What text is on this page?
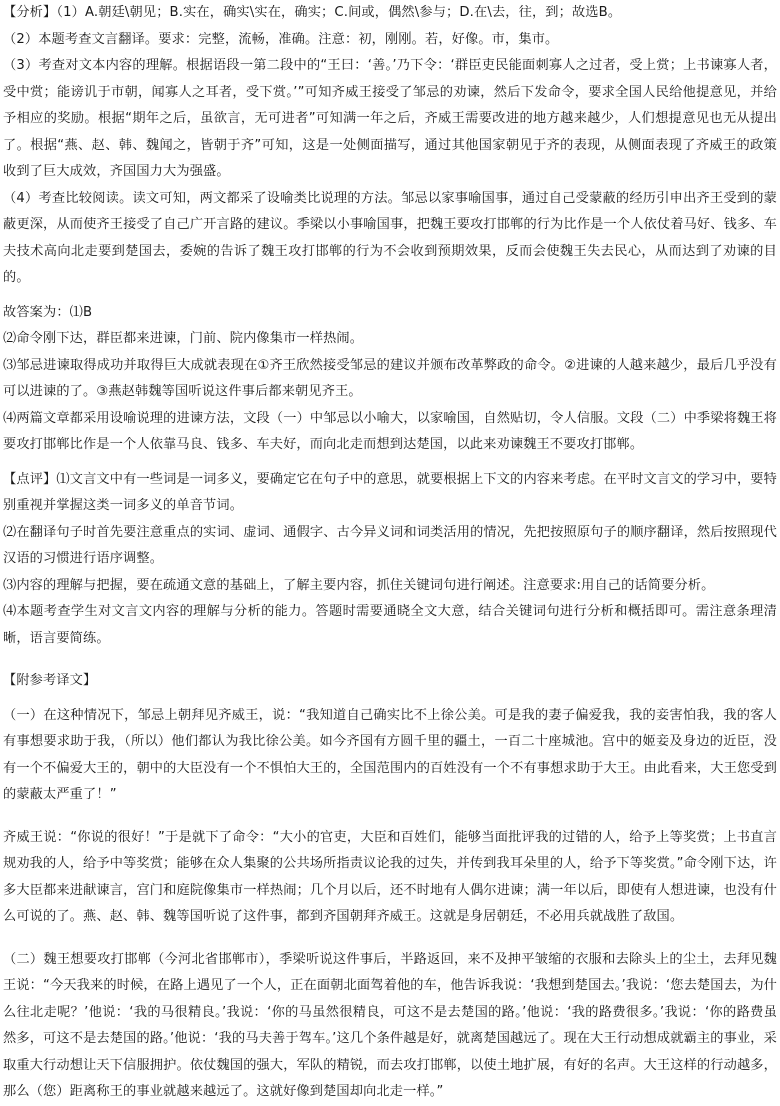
【分析】（1）A.朝廷\朝见；B.实在，确实\实在，确实；C.间或，偶然\参与；D.在\去，往，到；故选B。

（2）本题考查文言翻译。要求：完整，流畅，准确。注意：初，刚刚。若，好像。市，集市。

（3）考查对文本内容的理解。根据语段一第二段中的“王曰：‘善。’乃下令：‘群臣吏民能面刺寡人之过者，受上赏；上书谏寡人者，受中赏；能谤讥于市朝，闻寡人之耳者，受下赏。’”可知齐威王接受了邹忌的劝谏，然后下发命令，要求全国人民给他提意见，并给予相应的奖励。根据“期年之后，虽欲言，无可进者”可知满一年之后，齐威王需要改进的地方越来越少，人们想提意见也无从提出了。根据“燕、赵、韩、魏闻之，皆朝于齐”可知，这是一处侧面描写，通过其他国家朝见于齐的表现，从侧面表现了齐威王的政策收到了巨大成效，齐国国力大为强盛。

（4）考查比较阅读。读文可知，两文都采了设喻类比说理的方法。邹忌以家事喻国事，通过自己受蒙蔽的经历引申出齐王受到的蒙蔽更深，从而使齐王接受了自己广开言路的建议。季梁以小事喻国事，把魏王要攻打邯郸的行为比作是一个人依仗着马好、钱多、车夫技术高向北走要到楚国去，委婉的告诉了魏王攻打邯郸的行为不会收到预期效果，反而会使魏王失去民心，从而达到了劝谏的目的。

故答案为：⑴B

⑵命令刚下达，群臣都来进谏，门前、院内像集市一样热闹。

⑶邹忌进谏取得成功并取得巨大成就表现在①齐王欣然接受邹忌的建议并颁布改革弊政的命令。②进谏的人越来越少，最后几乎没有可以进谏的了。③燕赵韩魏等国听说这件事后都来朝见齐王。

⑷两篇文章都采用设喻说理的进谏方法，文段（一）中邹忌以小喻大，以家喻国，自然贴切，令人信服。文段（二）中季梁将魏王将要攻打邯郸比作是一个人依靠马良、钱多、车夫好，而向北走而想到达楚国，以此来劝谏魏王不要攻打邯郸。

【点评】⑴文言文中有一些词是一词多义，要确定它在句子中的意思，就要根据上下文的内容来考虑。在平时文言文的学习中，要特别重视并掌握这类一词多义的单音节词。

⑵在翻译句子时首先要注意重点的实词、虚词、通假字、古今异义词和词类活用的情况，先把按照原句子的顺序翻译，然后按照现代汉语的习惯进行语序调整。

⑶内容的理解与把握，要在疏通文意的基础上，了解主要内容，抓住关键词句进行阐述。注意要求:用自己的话简要分析。

⑷本题考查学生对文言文内容的理解与分析的能力。答题时需要通晓全文大意，结合关键词句进行分析和概括即可。需注意条理清晰，语言要简练。

【附参考译文】

（一）在这种情况下，邹忌上朝拜见齐威王，说：“我知道自己确实比不上徐公美。可是我的妻子偏爱我，我的妾害怕我，我的客人有事想要求助于我，（所以）他们都认为我比徐公美。如今齐国有方圆千里的疆土，一百二十座城池。宫中的姬妾及身边的近臣，没有一个不偏爱大王的，朝中的大臣没有一个不惧怕大王的，全国范围内的百姓没有一个不有事想求助于大王。由此看来，大王您受到的蒙蔽太严重了！”

齐威王说：“你说的很好！”于是就下了命令：“大小的官吏，大臣和百姓们，能够当面批评我的过错的人，给予上等奖赏；上书直言规劝我的人，给予中等奖赏；能够在众人集聚的公共场所指责议论我的过失，并传到我耳朵里的人，给予下等奖赏。”命令刚下达，许多大臣都来进献谏言，宫门和庭院像集市一样热闹；几个月以后，还不时地有人偶尔进谏；满一年以后，即使有人想进谏，也没有什么可说的了。燕、赵、韩、魏等国听说了这件事，都到齐国朝拜齐威王。这就是身居朝廷，不必用兵就战胜了敌国。

（二）魏王想要攻打邯郸（今河北省邯郸市），季梁听说这件事后，半路返回，来不及抻平皱缩的衣服和去除头上的尘土，去拜见魏王说：“今天我来的时候，在路上遇见了一个人，正在面朝北面驾着他的车，他告诉我说：‘我想到楚国去。’我说：‘您去楚国去，为什么往北走呢？’他说：‘我的马很精良。’我说：‘你的马虽然很精良，可这不是去楚国的路。’他说：‘我的路费很多。’我说：‘你的路费虽然多，可这不是去楚国的路。’他说：‘我的马夫善于驾车。’这几个条件越是好，就离楚国越远了。现在大王行动想成就霸主的事业，采取重大行动想让天下信服拥护。依仗魏国的强大，军队的精锐，而去攻打邯郸，以使土地扩展，有好的名声。大王这样的行动越多，那么（您）距离称王的事业就越来越远了。这就好像到楚国却向北走一样。”
